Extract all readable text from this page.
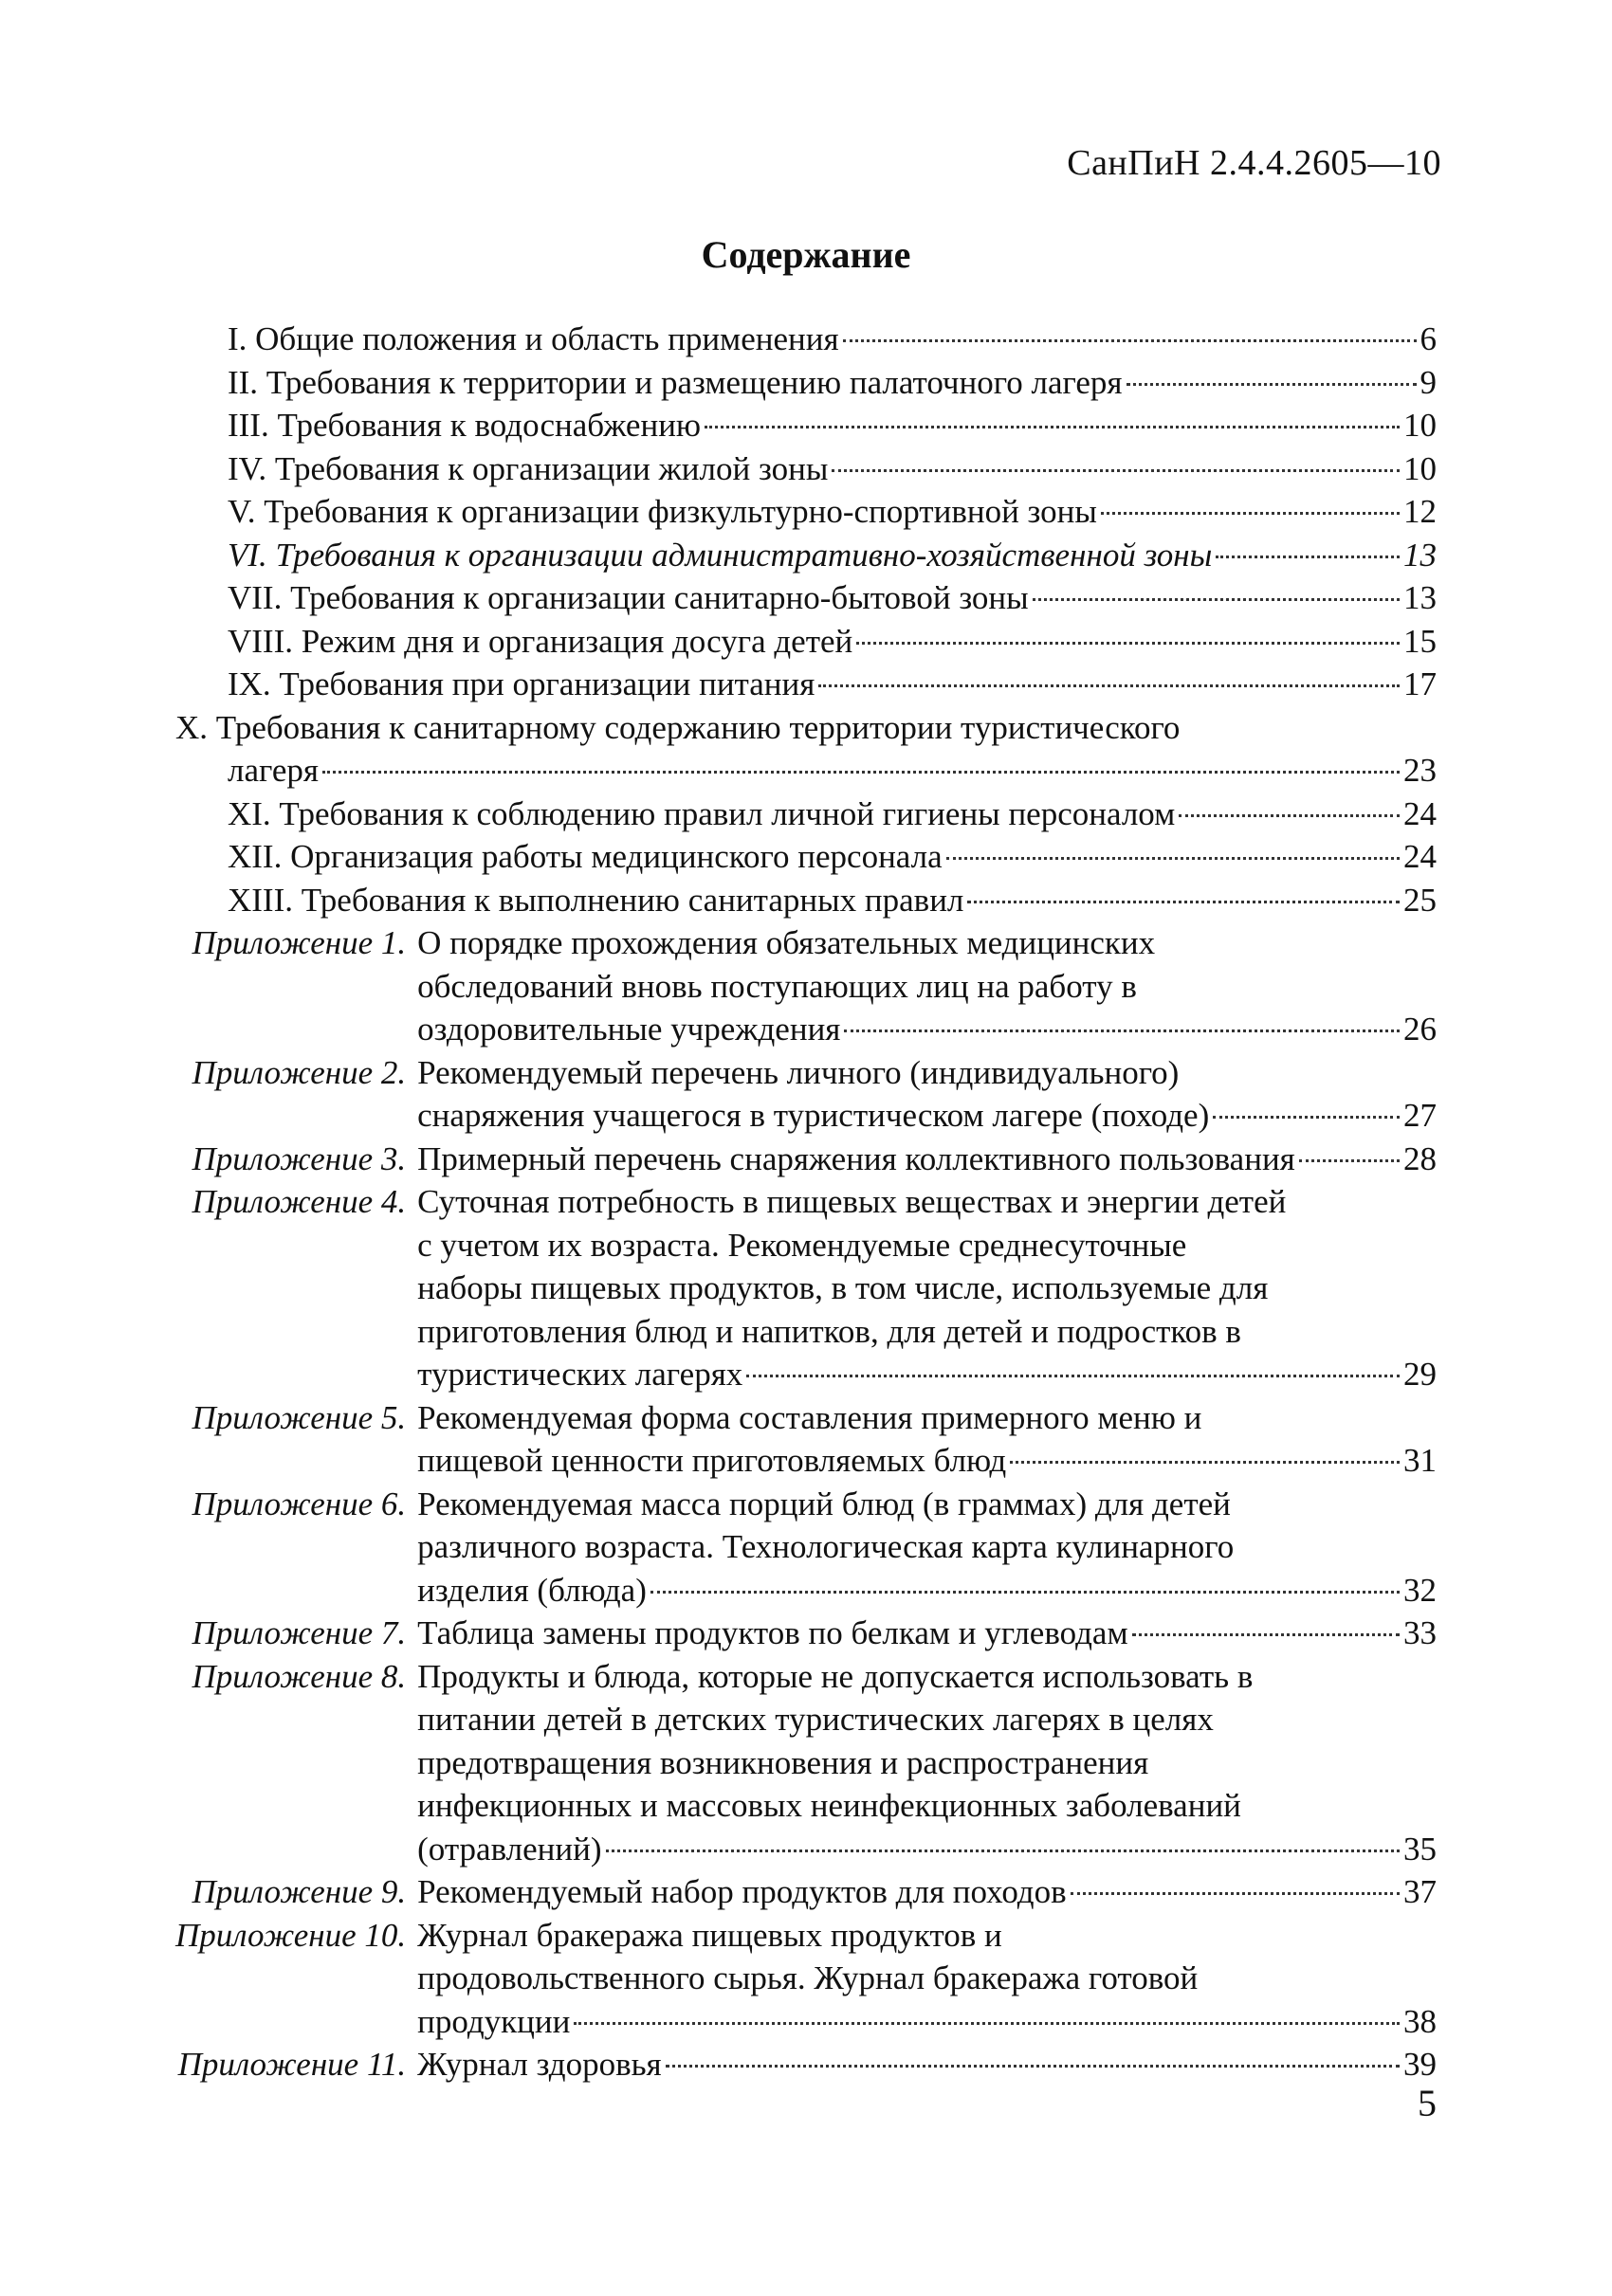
СанПиН 2.4.4.2605—10
Содержание
I. Общие положения и область применения	6
II. Требования к территории и размещению палаточного лагеря	9
III. Требования к водоснабжению	10
IV. Требования к организации жилой зоны	10
V. Требования к организации физкультурно-спортивной зоны	12
VI. Требования к организации административно-хозяйственной зоны	13
VII. Требования к организации санитарно-бытовой зоны	13
VIII. Режим дня и организация досуга детей	15
IX. Требования при организации питания	17
X. Требования к санитарному содержанию территории туристического
лагеря	23
XI. Требования к соблюдению правил личной гигиены персоналом	24
XII. Организация работы медицинского персонала	24
XIII. Требования к выполнению санитарных правил	25
Приложение 1. О порядке прохождения обязательных медицинских
обследований вновь поступающих лиц на работу в
оздоровительные учреждения	26
Приложение 2. Рекомендуемый перечень личного (индивидуального)
снаряжения учащегося в туристическом лагере (походе)	27
Приложение 3. Примерный перечень снаряжения коллективного пользования	28
Приложение 4. Суточная потребность в пищевых веществах и энергии детей
с учетом их возраста. Рекомендуемые среднесуточные
наборы пищевых продуктов, в том числе, используемые для
приготовления блюд и напитков, для детей и подростков в
туристических лагерях	29
Приложение 5. Рекомендуемая форма составления примерного меню и
пищевой ценности приготовляемых блюд	31
Приложение 6. Рекомендуемая масса порций блюд (в граммах) для детей
различного возраста. Технологическая карта кулинарного
изделия (блюда)	32
Приложение 7. Таблица замены продуктов по белкам и углеводам	33
Приложение 8. Продукты и блюда, которые не допускается использовать в
питании детей в детских туристических лагерях в целях
предотвращения возникновения и распространения
инфекционных и массовых неинфекционных заболеваний
(отравлений)	35
Приложение 9. Рекомендуемый набор продуктов для походов	37
Приложение 10. Журнал бракеража пищевых продуктов и
продовольственного сырья. Журнал бракеража готовой
продукции	38
Приложение 11. Журнал здоровья	39
5
